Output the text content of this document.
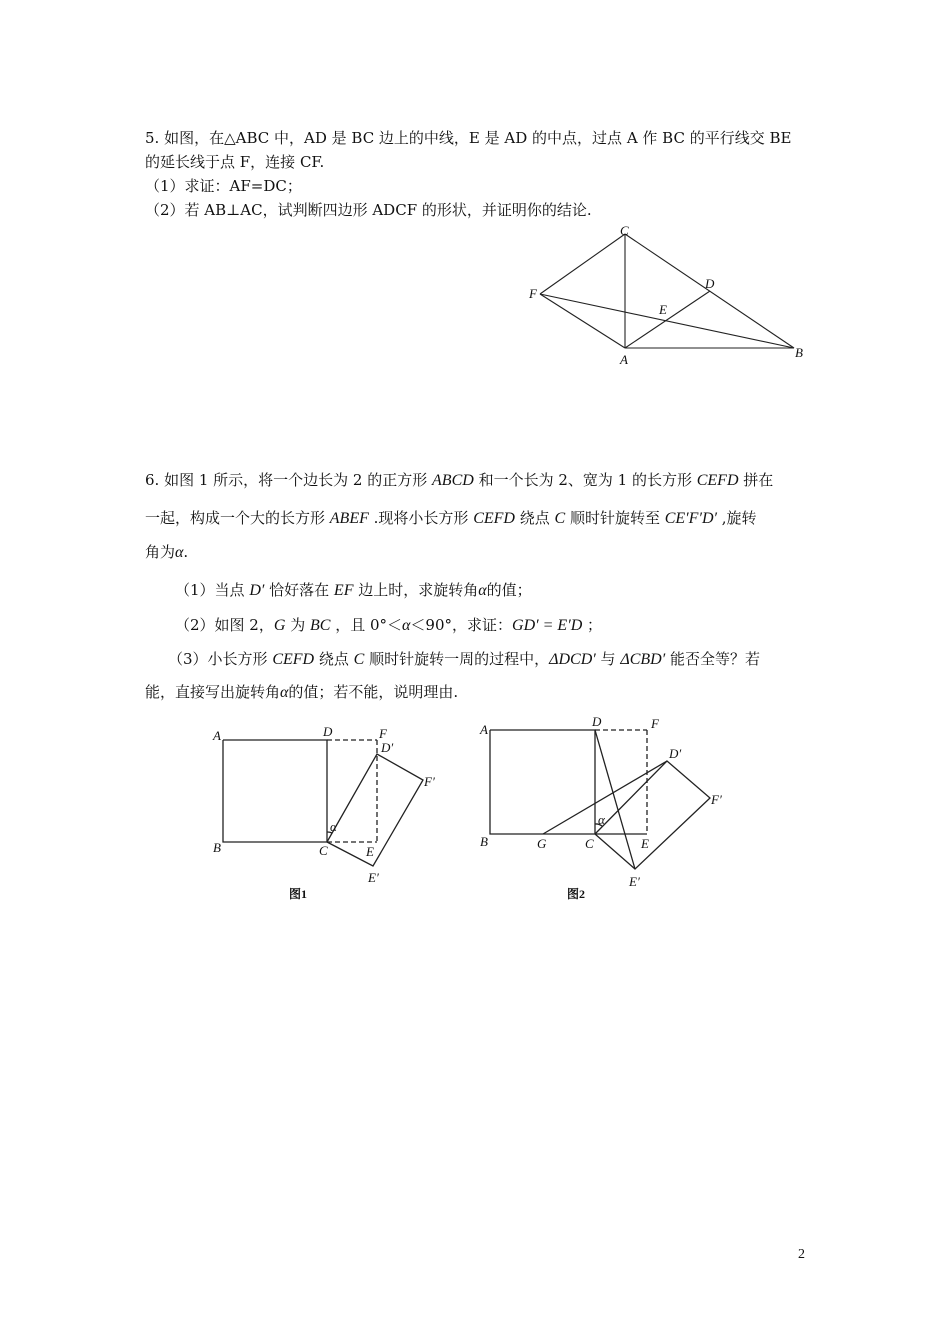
5. 如图，在△ABC 中，AD 是 BC 边上的中线，E 是 AD 的中点，过点 A 作 BC 的平行线交 BE
的延长线于点 F，连接 CF.
（1）求证：AF=DC；
（2）若 AB⊥AC，试判断四边形 ADCF 的形状，并证明你的结论.
C
D
F
E
A	B
6. 如图 1 所示，将一个边长为 2 的正方形 ABCD 和一个长为 2、宽为 1 的长方形 CEFD 拼在
一起，构成一个大的长方形 ABEF .现将小长方形 CEFD 绕点 C 顺时针旋转至 CE′F′D′ ,旋转
角为α.
（1）当点 D′ 恰好落在 EF 边上时，求旋转角α的值；
（2）如图 2，G 为 BC ，且 0°＜α＜90°，求证：GD′ = E′D ；
（3）小长方形 CEFD 绕点 C 顺时针旋转一周的过程中，ΔDCD′ 与 ΔCBD′ 能否全等？若
能，直接写出旋转角α的值；若不能，说明理由.
A
B	C
D	F
D′
F′
E
E′
α
图1
A
B	G	C
D	F
D′
F′
E
E′
α
图2
2
